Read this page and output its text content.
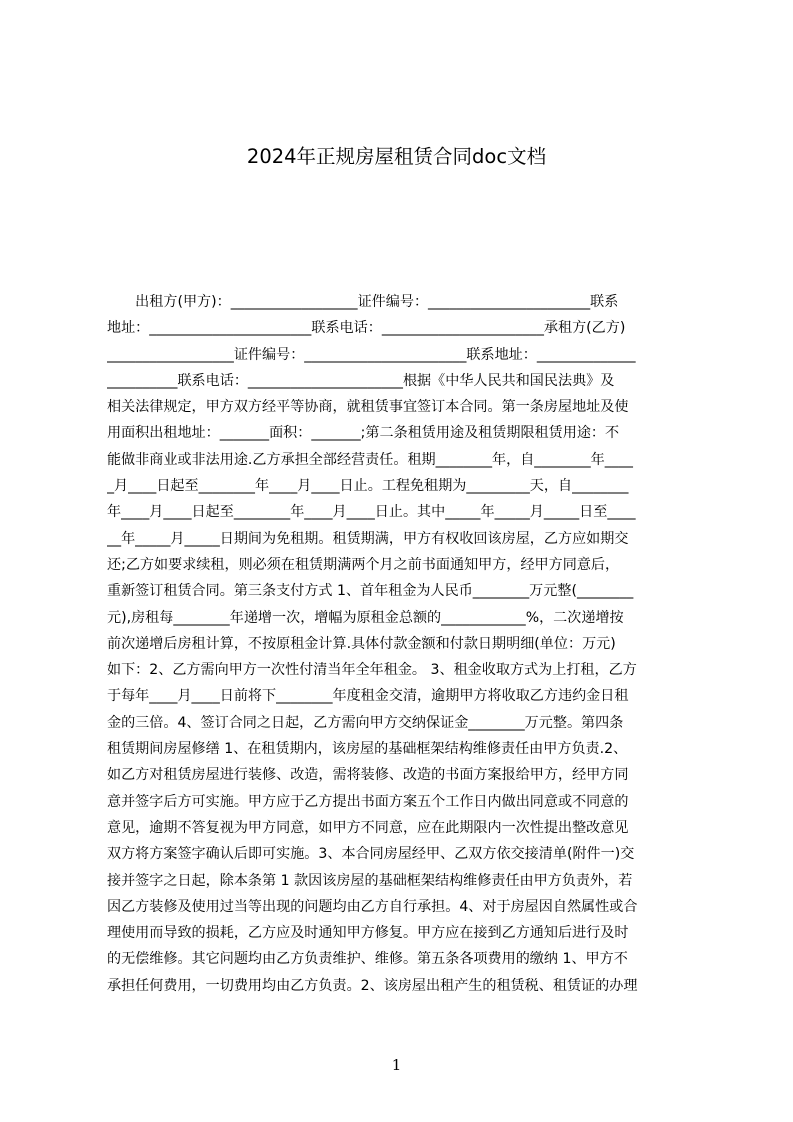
2024年正规房屋租赁合同doc文档
　　出租方(甲方)：__________________证件编号：_______________________联系
地址：_______________________联系电话：_______________________承租方(乙方)
__________________证件编号：_______________________联系地址：______________
__________联系电话：______________________根据《中华人民共和国民法典》及
相关法律规定，甲方双方经平等协商，就租赁事宜签订本合同。第一条房屋地址及使
用面积出租地址：_______面积：_______;第二条租赁用途及租赁期限租赁用途：不
能做非商业或非法用途.乙方承担全部经营责任。租期________年，自________年____
_月____日起至________年____月____日止。工程免租期为_________天，自________
年____月____日起至________年____月____日止。其中_____年_____月_____日至____
__年_____月_____日期间为免租期。租赁期满，甲方有权收回该房屋，乙方应如期交
还;乙方如要求续租，则必须在租赁期满两个月之前书面通知甲方，经甲方同意后，
重新签订租赁合同。第三条支付方式 1、首年租金为人民币________万元整(________
元),房租每________年递增一次，增幅为原租金总额的____________%，二次递增按
前次递增后房租计算，不按原租金计算.具体付款金额和付款日期明细(单位：万元)
如下：2、乙方需向甲方一次性付清当年全年租金。 3、租金收取方式为上打租，乙方
于每年____月____日前将下________年度租金交清，逾期甲方将收取乙方违约金日租
金的三倍。4、签订合同之日起，乙方需向甲方交纳保证金________万元整。第四条
租赁期间房屋修缮 1、在租赁期内，该房屋的基础框架结构维修责任由甲方负责.2、
如乙方对租赁房屋进行装修、改造，需将装修、改造的书面方案报给甲方，经甲方同
意并签字后方可实施。甲方应于乙方提出书面方案五个工作日内做出同意或不同意的
意见，逾期不答复视为甲方同意，如甲方不同意，应在此期限内一次性提出整改意见
双方将方案签字确认后即可实施。3、本合同房屋经甲、乙双方依交接清单(附件一)交
接并签字之日起，除本条第 1 款因该房屋的基础框架结构维修责任由甲方负责外，若
因乙方装修及使用过当等出现的问题均由乙方自行承担。4、对于房屋因自然属性或合
理使用而导致的损耗，乙方应及时通知甲方修复。甲方应在接到乙方通知后进行及时
的无偿维修。其它问题均由乙方负责维护、维修。第五条各项费用的缴纳 1、甲方不
承担任何费用，一切费用均由乙方负责。2、该房屋出租产生的租赁税、租赁证的办理
1
